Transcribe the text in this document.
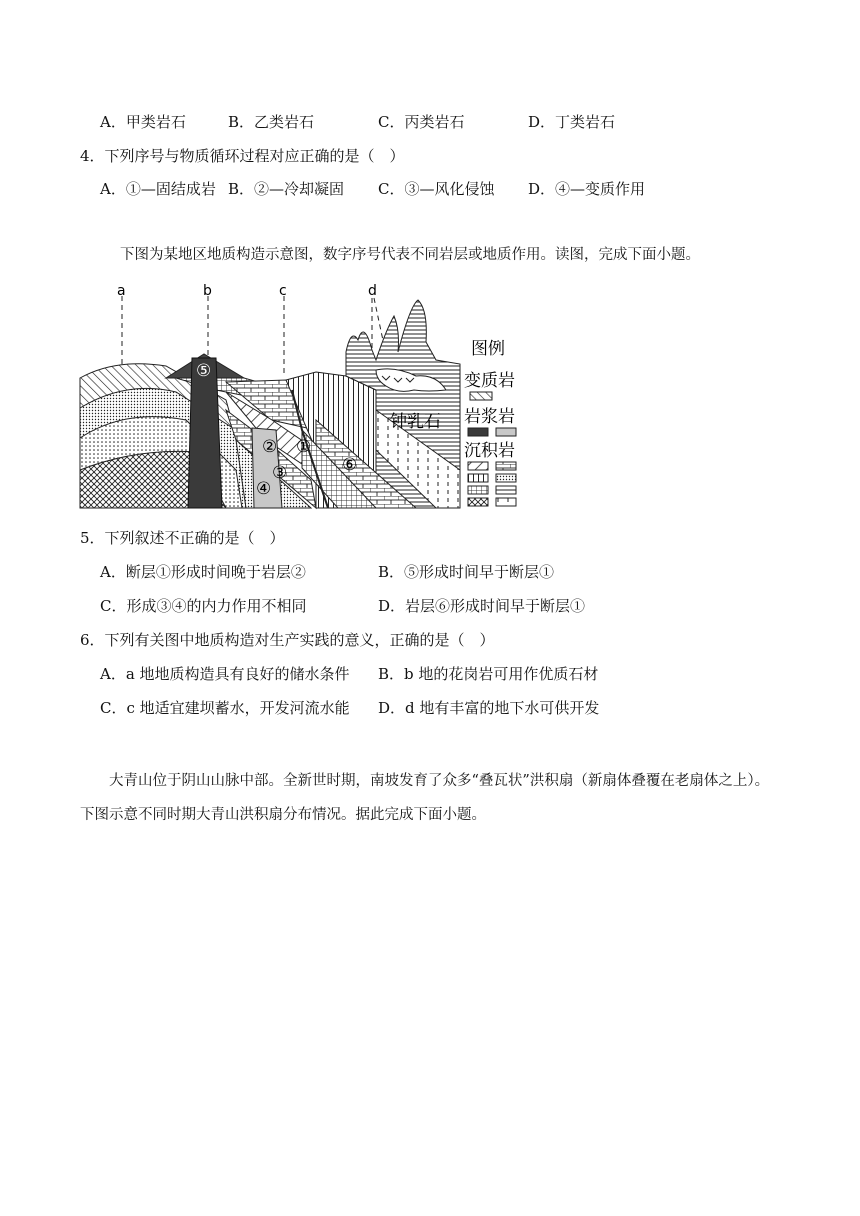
A．甲类岩石	B．乙类岩石	C．丙类岩石	D．丁类岩石
4．下列序号与物质循环过程对应正确的是（　）
A．①—固结成岩 B．②—冷却凝固 C．③—风化侵蚀 D．④—变质作用
下图为某地区地质构造示意图，数字序号代表不同岩层或地质作用。读图，完成下面小题。
a	b	c	d
钟乳石
⑤
② ①
③
④
⑥
图例
变质岩
岩浆岩
沉积岩
5．下列叙述不正确的是（　）
A．断层①形成时间晚于岩层②	B．⑤形成时间早于断层①
C．形成③④的内力作用不相同	D．岩层⑥形成时间早于断层①
6．下列有关图中地质构造对生产实践的意义，正确的是（　）
A．a 地地质构造具有良好的储水条件 B．b 地的花岗岩可用作优质石材
C．c 地适宜建坝蓄水，开发河流水能 D．d 地有丰富的地下水可供开发
大青山位于阴山山脉中部。全新世时期，南坡发育了众多“叠瓦状”洪积扇（新扇体叠覆在老扇体之上）。下图示意不同时期大青山洪积扇分布情况。据此完成下面小题。
